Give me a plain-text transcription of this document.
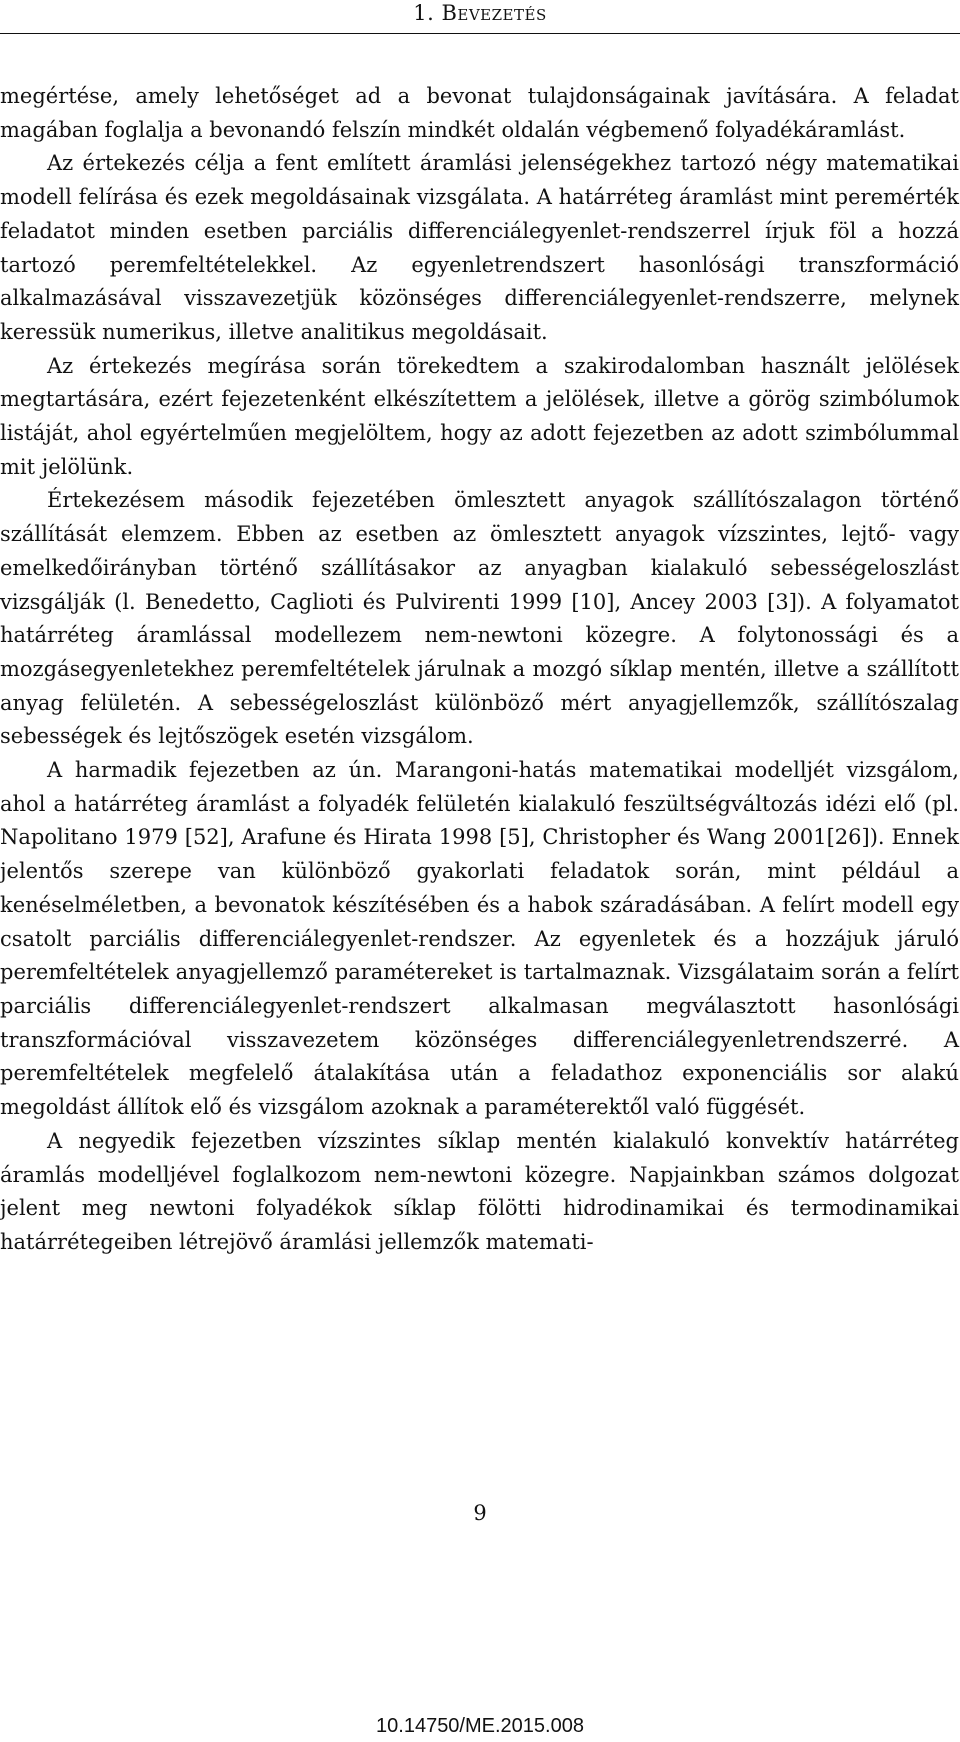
1. Bevezetés

megértése, amely lehetőséget ad a bevonat tulajdonságainak javítására. A feladat magában foglalja a bevonandó felszín mindkét oldalán végbemenő folyadékáramlást.

Az értekezés célja a fent említett áramlási jelenségekhez tartozó négy matematikai modell felírása és ezek megoldásainak vizsgálata. A határréteg áramlást mint peremérték feladatot minden esetben parciális differenciálegyenlet-rendszerrel írjuk föl a hozzá tartozó peremfeltételekkel. Az egyenletrendszert hasonlósági transzformáció alkalmazásával visszavezetjük közönséges differenciálegyenlet-rendszerre, melynek keressük numerikus, illetve analitikus megoldásait.

Az értekezés megírása során törekedtem a szakirodalomban használt jelölések megtartására, ezért fejezetenként elkészítettem a jelölések, illetve a görög szimbólumok listáját, ahol egyértelműen megjelöltem, hogy az adott fejezetben az adott szimbólummal mit jelölünk.

Értekezésem második fejezetében ömlesztett anyagok szállítószalagon történő szállítását elemzem. Ebben az esetben az ömlesztett anyagok vízszintes, lejtő- vagy emelkedőirányban történő szállításakor az anyagban kialakuló sebességeloszlást vizsgálják (l. Benedetto, Caglioti és Pulvirenti 1999 [10], Ancey 2003 [3]). A folyamatot határréteg áramlással modellezem nem-newtoni közegre. A folytonossági és a mozgásegyenletekhez peremfeltételek járulnak a mozgó síklap mentén, illetve a szállított anyag felületén. A sebességeloszlást különböző mért anyagjellemzők, szállítószalag sebességek és lejtőszögek esetén vizsgálom.

A harmadik fejezetben az ún. Marangoni-hatás matematikai modelljét vizsgálom, ahol a határréteg áramlást a folyadék felületén kialakuló feszültségváltozás idézi elő (pl. Napolitano 1979 [52], Arafune és Hirata 1998 [5], Christopher és Wang 2001[26]). Ennek jelentős szerepe van különböző gyakorlati feladatok során, mint például a kenéselméletben, a bevonatok készítésében és a habok száradásában. A felírt modell egy csatolt parciális differenciálegyenlet-rendszer. Az egyenletek és a hozzájuk járuló peremfeltételek anyagjellemző paramétereket is tartalmaznak. Vizsgálataim során a felírt parciális differenciálegyenlet-rendszert alkalmasan megválasztott hasonlósági transzformációval visszavezetem közönséges differenciálegyenletrendszerré. A peremfeltételek megfelelő átalakítása után a feladathoz exponenciális sor alakú megoldást állítok elő és vizsgálom azoknak a paraméterektől való függését.

A negyedik fejezetben vízszintes síklap mentén kialakuló konvektív határréteg áramlás modelljével foglalkozom nem-newtoni közegre. Napjainkban számos dolgozat jelent meg newtoni folyadékok síklap fölötti hidrodinamikai és termodinamikai határrétegeiben létrejövő áramlási jellemzők matemati-

9
10.14750/ME.2015.008
